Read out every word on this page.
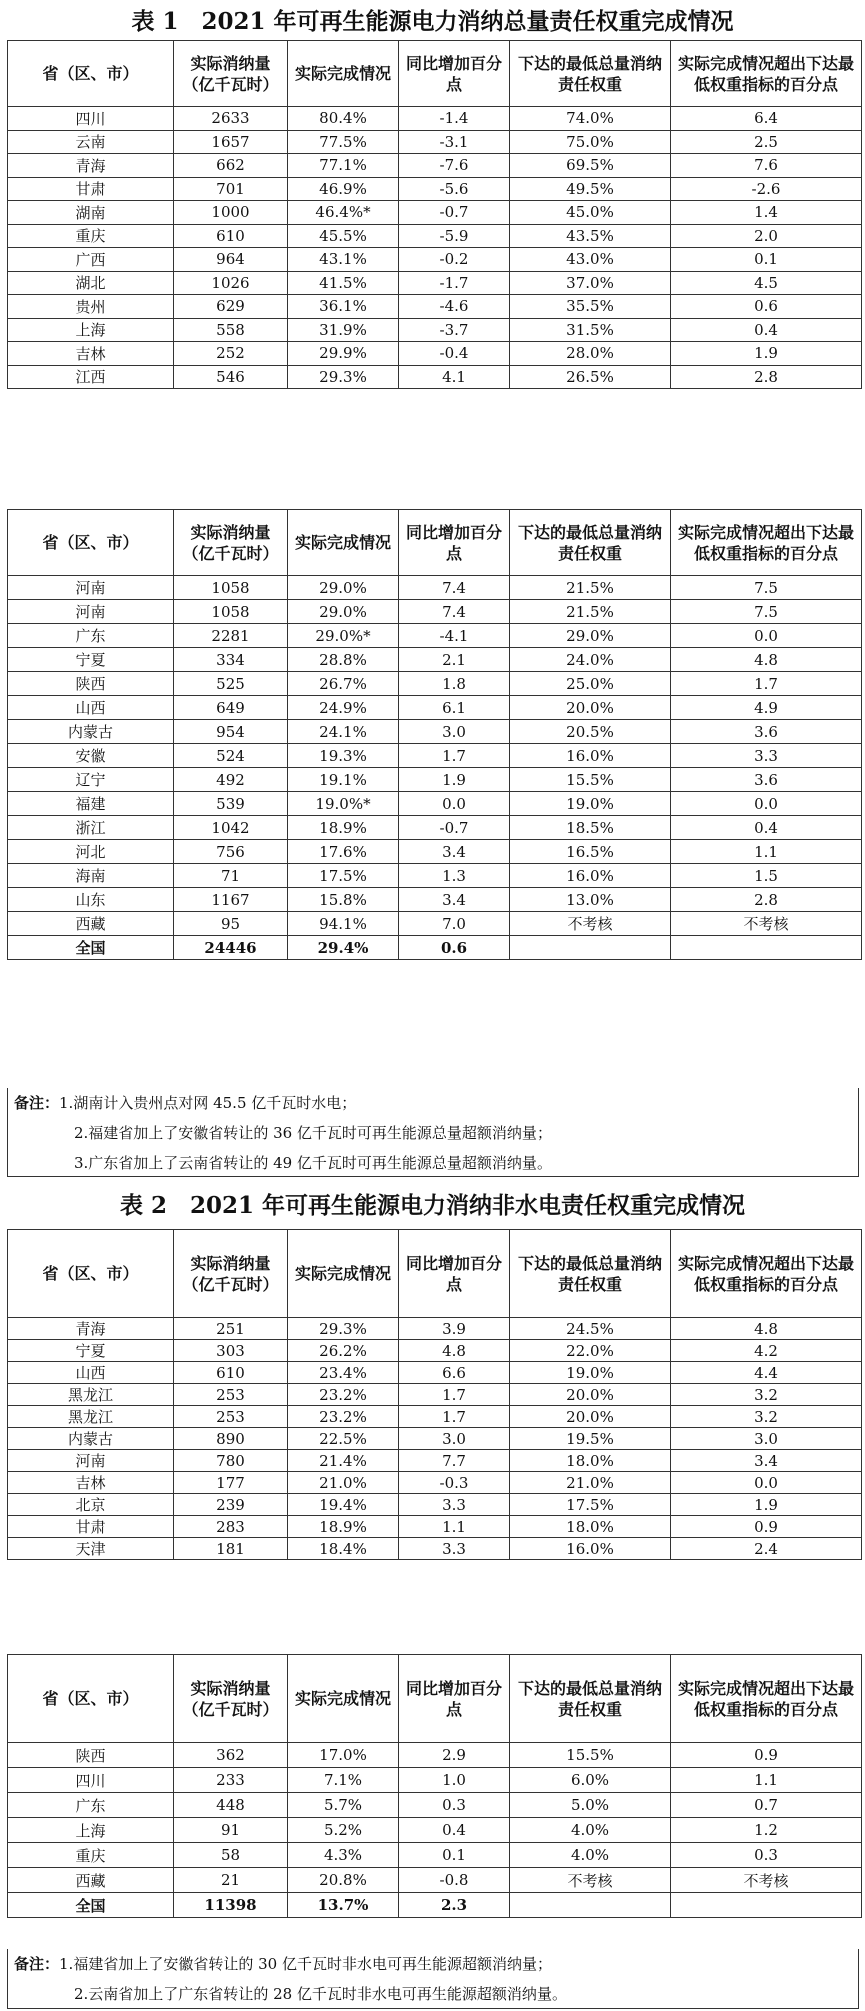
表 1　2021 年可再生能源电力消纳总量责任权重完成情况
省（区、市）	实际消纳量（亿千瓦时）	实际完成情况	同比增加百分点	下达的最低总量消纳责任权重	实际完成情况超出下达最低权重指标的百分点
四川	2633	80.4%	-1.4	74.0%	6.4
云南	1657	77.5%	-3.1	75.0%	2.5
青海	662	77.1%	-7.6	69.5%	7.6
甘肃	701	46.9%	-5.6	49.5%	-2.6
湖南	1000	46.4%*	-0.7	45.0%	1.4
重庆	610	45.5%	-5.9	43.5%	2.0
广西	964	43.1%	-0.2	43.0%	0.1
湖北	1026	41.5%	-1.7	37.0%	4.5
贵州	629	36.1%	-4.6	35.5%	0.6
上海	558	31.9%	-3.7	31.5%	0.4
吉林	252	29.9%	-0.4	28.0%	1.9
江西	546	29.3%	4.1	26.5%	2.8
省（区、市）	实际消纳量（亿千瓦时）	实际完成情况	同比增加百分点	下达的最低总量消纳责任权重	实际完成情况超出下达最低权重指标的百分点
河南	1058	29.0%	7.4	21.5%	7.5
河南	1058	29.0%	7.4	21.5%	7.5
广东	2281	29.0%*	-4.1	29.0%	0.0
宁夏	334	28.8%	2.1	24.0%	4.8
陕西	525	26.7%	1.8	25.0%	1.7
山西	649	24.9%	6.1	20.0%	4.9
内蒙古	954	24.1%	3.0	20.5%	3.6
安徽	524	19.3%	1.7	16.0%	3.3
辽宁	492	19.1%	1.9	15.5%	3.6
福建	539	19.0%*	0.0	19.0%	0.0
浙江	1042	18.9%	-0.7	18.5%	0.4
河北	756	17.6%	3.4	16.5%	1.1
海南	71	17.5%	1.3	16.0%	1.5
山东	1167	15.8%	3.4	13.0%	2.8
西藏	95	94.1%	7.0	不考核	不考核
全国	24446	29.4%	0.6		
备注：1.湖南计入贵州点对网 45.5 亿千瓦时水电；
2.福建省加上了安徽省转让的 36 亿千瓦时可再生能源总量超额消纳量；
3.广东省加上了云南省转让的 49 亿千瓦时可再生能源总量超额消纳量。
表 2　2021 年可再生能源电力消纳非水电责任权重完成情况
省（区、市）	实际消纳量（亿千瓦时）	实际完成情况	同比增加百分点	下达的最低总量消纳责任权重	实际完成情况超出下达最低权重指标的百分点
青海	251	29.3%	3.9	24.5%	4.8
宁夏	303	26.2%	4.8	22.0%	4.2
山西	610	23.4%	6.6	19.0%	4.4
黑龙江	253	23.2%	1.7	20.0%	3.2
黑龙江	253	23.2%	1.7	20.0%	3.2
内蒙古	890	22.5%	3.0	19.5%	3.0
河南	780	21.4%	7.7	18.0%	3.4
吉林	177	21.0%	-0.3	21.0%	0.0
北京	239	19.4%	3.3	17.5%	1.9
甘肃	283	18.9%	1.1	18.0%	0.9
天津	181	18.4%	3.3	16.0%	2.4
省（区、市）	实际消纳量（亿千瓦时）	实际完成情况	同比增加百分点	下达的最低总量消纳责任权重	实际完成情况超出下达最低权重指标的百分点
陕西	362	17.0%	2.9	15.5%	0.9
四川	233	7.1%	1.0	6.0%	1.1
广东	448	5.7%	0.3	5.0%	0.7
上海	91	5.2%	0.4	4.0%	1.2
重庆	58	4.3%	0.1	4.0%	0.3
西藏	21	20.8%	-0.8	不考核	不考核
全国	11398	13.7%	2.3		
备注：1.福建省加上了安徽省转让的 30 亿千瓦时非水电可再生能源超额消纳量；
2.云南省加上了广东省转让的 28 亿千瓦时非水电可再生能源超额消纳量。
